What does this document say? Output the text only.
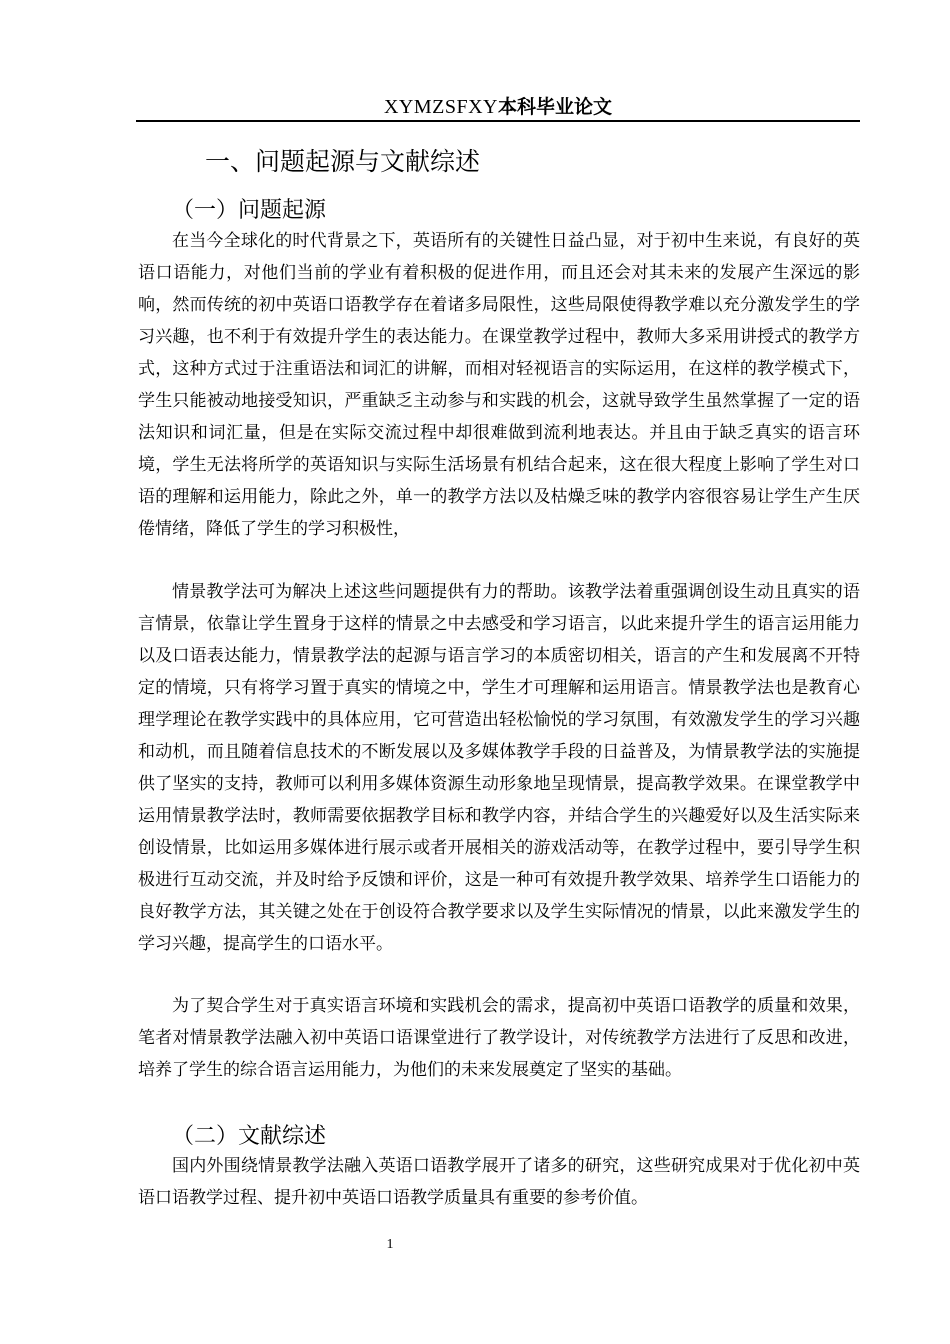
XYMZSFXY本科毕业论文
一、问题起源与文献综述
（一）问题起源

在当今全球化的时代背景之下，英语所有的关键性日益凸显，对于初中生来说，有良好的英语口语能力，对他们当前的学业有着积极的促进作用，而且还会对其未来的发展产生深远的影响，然而传统的初中英语口语教学存在着诸多局限性，这些局限使得教学难以充分激发学生的学习兴趣，也不利于有效提升学生的表达能力。在课堂教学过程中，教师大多采用讲授式的教学方式，这种方式过于注重语法和词汇的讲解，而相对轻视语言的实际运用，在这样的教学模式下，学生只能被动地接受知识，严重缺乏主动参与和实践的机会，这就导致学生虽然掌握了一定的语法知识和词汇量，但是在实际交流过程中却很难做到流利地表达。并且由于缺乏真实的语言环境，学生无法将所学的英语知识与实际生活场景有机结合起来，这在很大程度上影响了学生对口语的理解和运用能力，除此之外，单一的教学方法以及枯燥乏味的教学内容很容易让学生产生厌倦情绪，降低了学生的学习积极性，

情景教学法可为解决上述这些问题提供有力的帮助。该教学法着重强调创设生动且真实的语言情景，依靠让学生置身于这样的情景之中去感受和学习语言，以此来提升学生的语言运用能力以及口语表达能力，情景教学法的起源与语言学习的本质密切相关，语言的产生和发展离不开特定的情境，只有将学习置于真实的情境之中，学生才可理解和运用语言。情景教学法也是教育心理学理论在教学实践中的具体应用，它可营造出轻松愉悦的学习氛围，有效激发学生的学习兴趣和动机，而且随着信息技术的不断发展以及多媒体教学手段的日益普及，为情景教学法的实施提供了坚实的支持，教师可以利用多媒体资源生动形象地呈现情景，提高教学效果。在课堂教学中运用情景教学法时，教师需要依据教学目标和教学内容，并结合学生的兴趣爱好以及生活实际来创设情景，比如运用多媒体进行展示或者开展相关的游戏活动等，在教学过程中，要引导学生积极进行互动交流，并及时给予反馈和评价，这是一种可有效提升教学效果、培养学生口语能力的良好教学方法，其关键之处在于创设符合教学要求以及学生实际情况的情景，以此来激发学生的学习兴趣，提高学生的口语水平。

为了契合学生对于真实语言环境和实践机会的需求，提高初中英语口语教学的质量和效果，笔者对情景教学法融入初中英语口语课堂进行了教学设计，对传统教学方法进行了反思和改进，培养了学生的综合语言运用能力，为他们的未来发展奠定了坚实的基础。

（二）文献综述

国内外围绕情景教学法融入英语口语教学展开了诸多的研究，这些研究成果对于优化初中英语口语教学过程、提升初中英语口语教学质量具有重要的参考价值。

1
